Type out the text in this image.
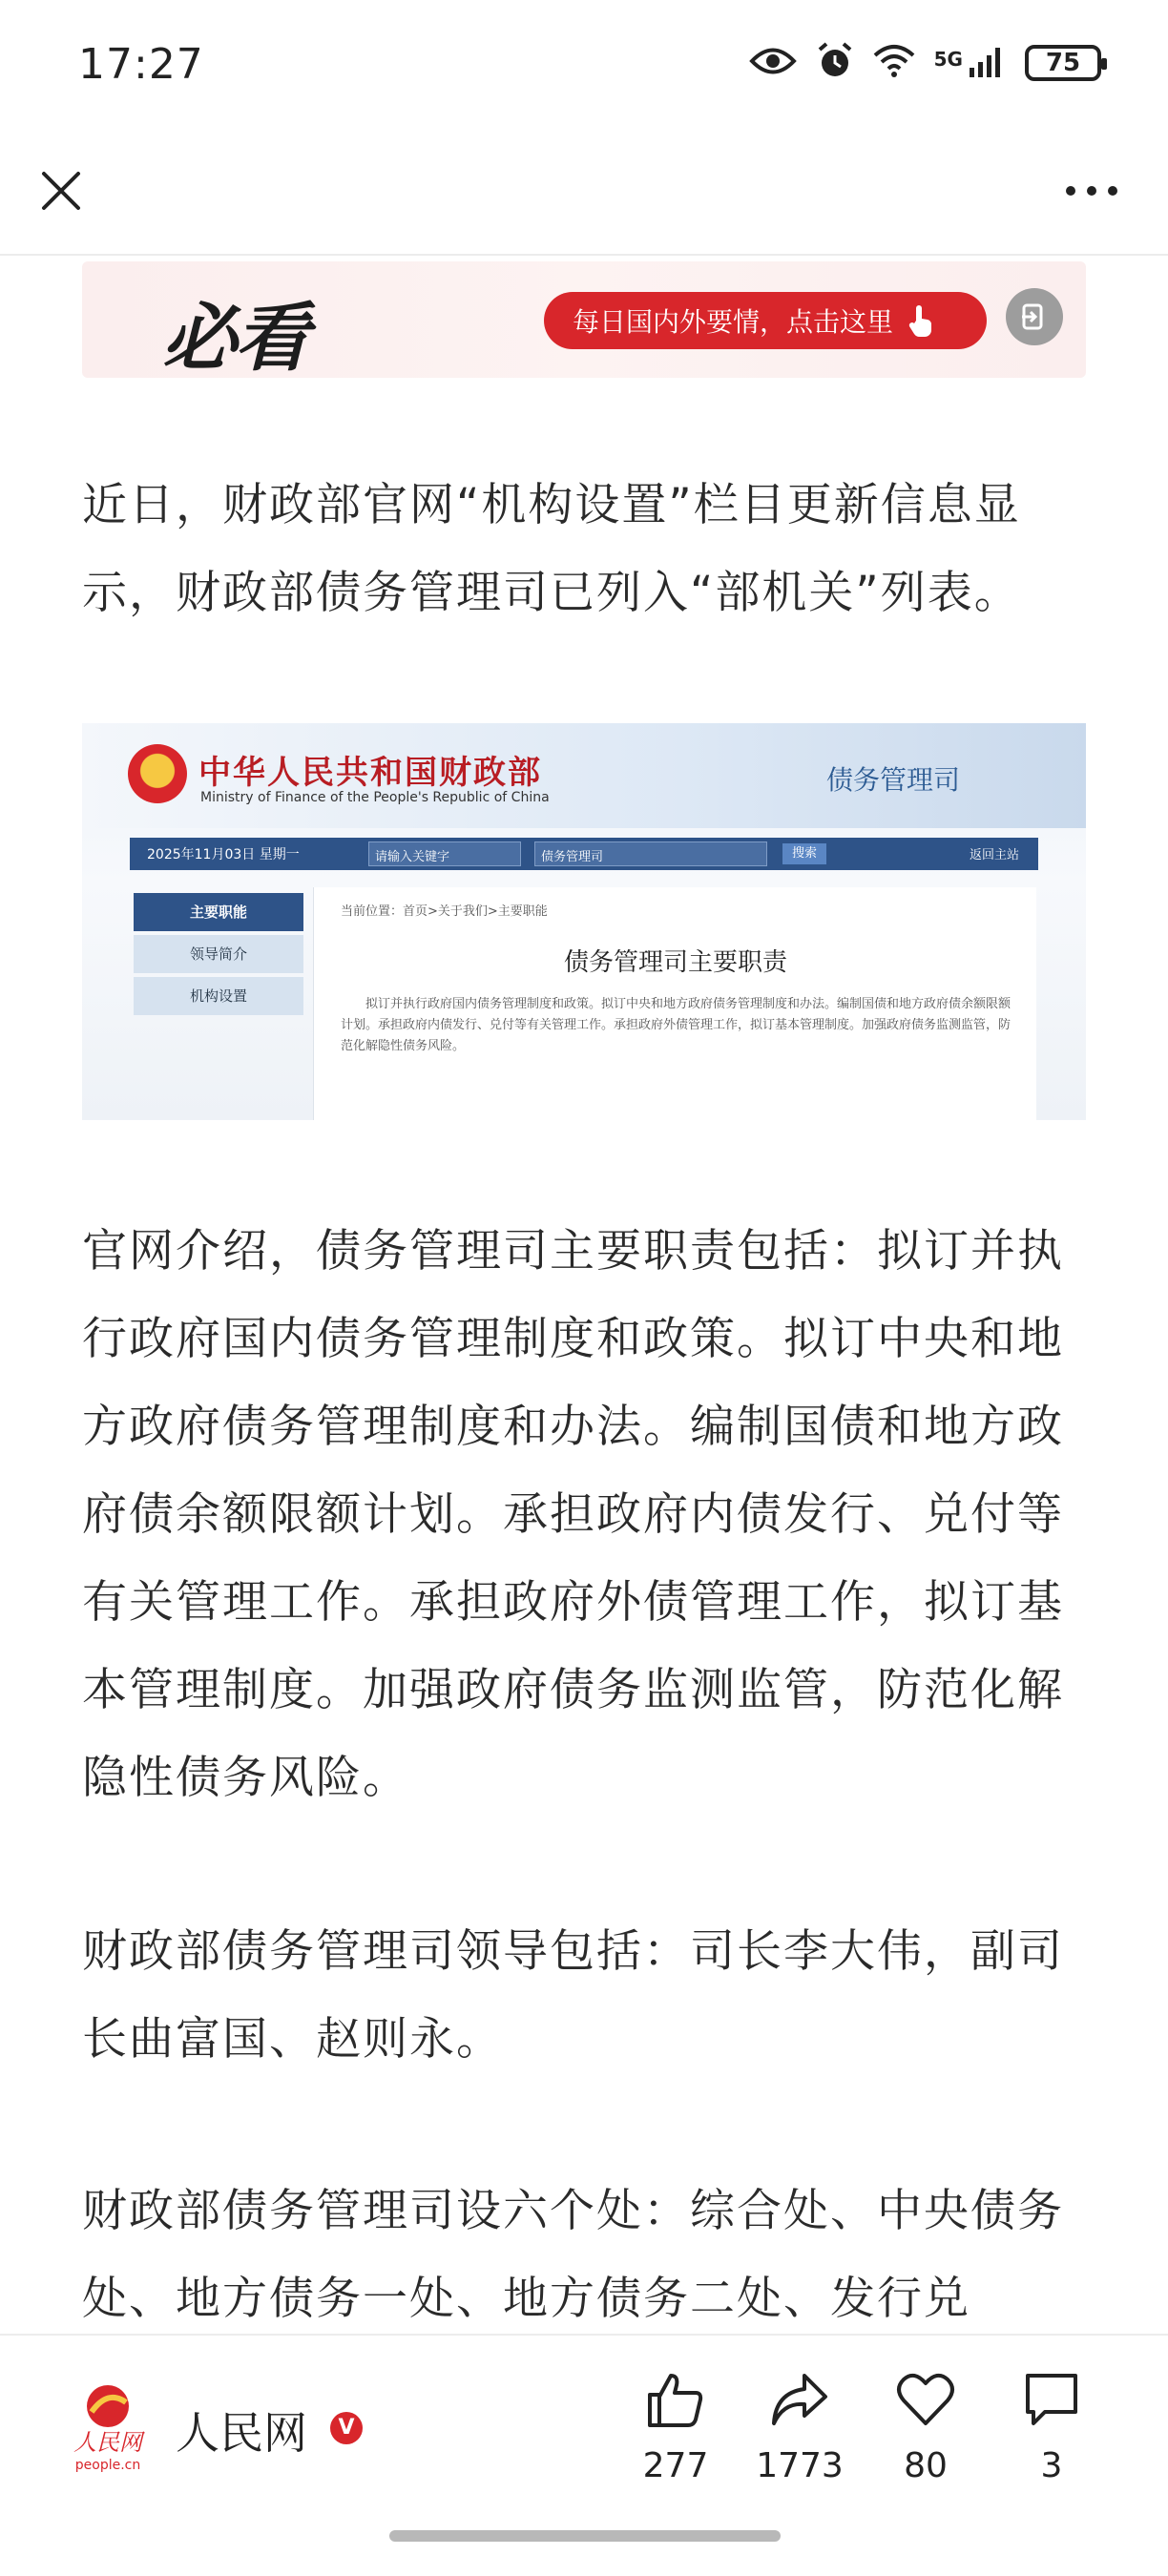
17:27	5G	75
必看	每日国内外要情，点击这里
近日，财政部官网“机构设置”栏目更新信息显示，财政部债务管理司已列入“部机关”列表。
中华人民共和国财政部
Ministry of Finance of the People's Republic of China
债务管理司
2025年11月03日 星期一	请输入关键字	债务管理司	搜索	返回主站
主要职能
领导简介
机构设置
当前位置：首页>关于我们>主要职能
债务管理司主要职责
拟订并执行政府国内债务管理制度和政策。拟订中央和地方政府债务管理制度和办法。编制国债和地方政府债余额限额计划。承担政府内债发行、兑付等有关管理工作。承担政府外债管理工作，拟订基本管理制度。加强政府债务监测监管，防范化解隐性债务风险。
官网介绍，债务管理司主要职责包括：拟订并执行政府国内债务管理制度和政策。拟订中央和地方政府债务管理制度和办法。编制国债和地方政府债余额限额计划。承担政府内债发行、兑付等有关管理工作。承担政府外债管理工作，拟订基本管理制度。加强政府债务监测监管，防范化解隐性债务风险。
财政部债务管理司领导包括：司长李大伟，副司长曲富国、赵则永。
财政部债务管理司设六个处：综合处、中央债务处、地方债务一处、地方债务二处、发行兑
人民网
people.cn
人民网	V
277 1773 80	3
